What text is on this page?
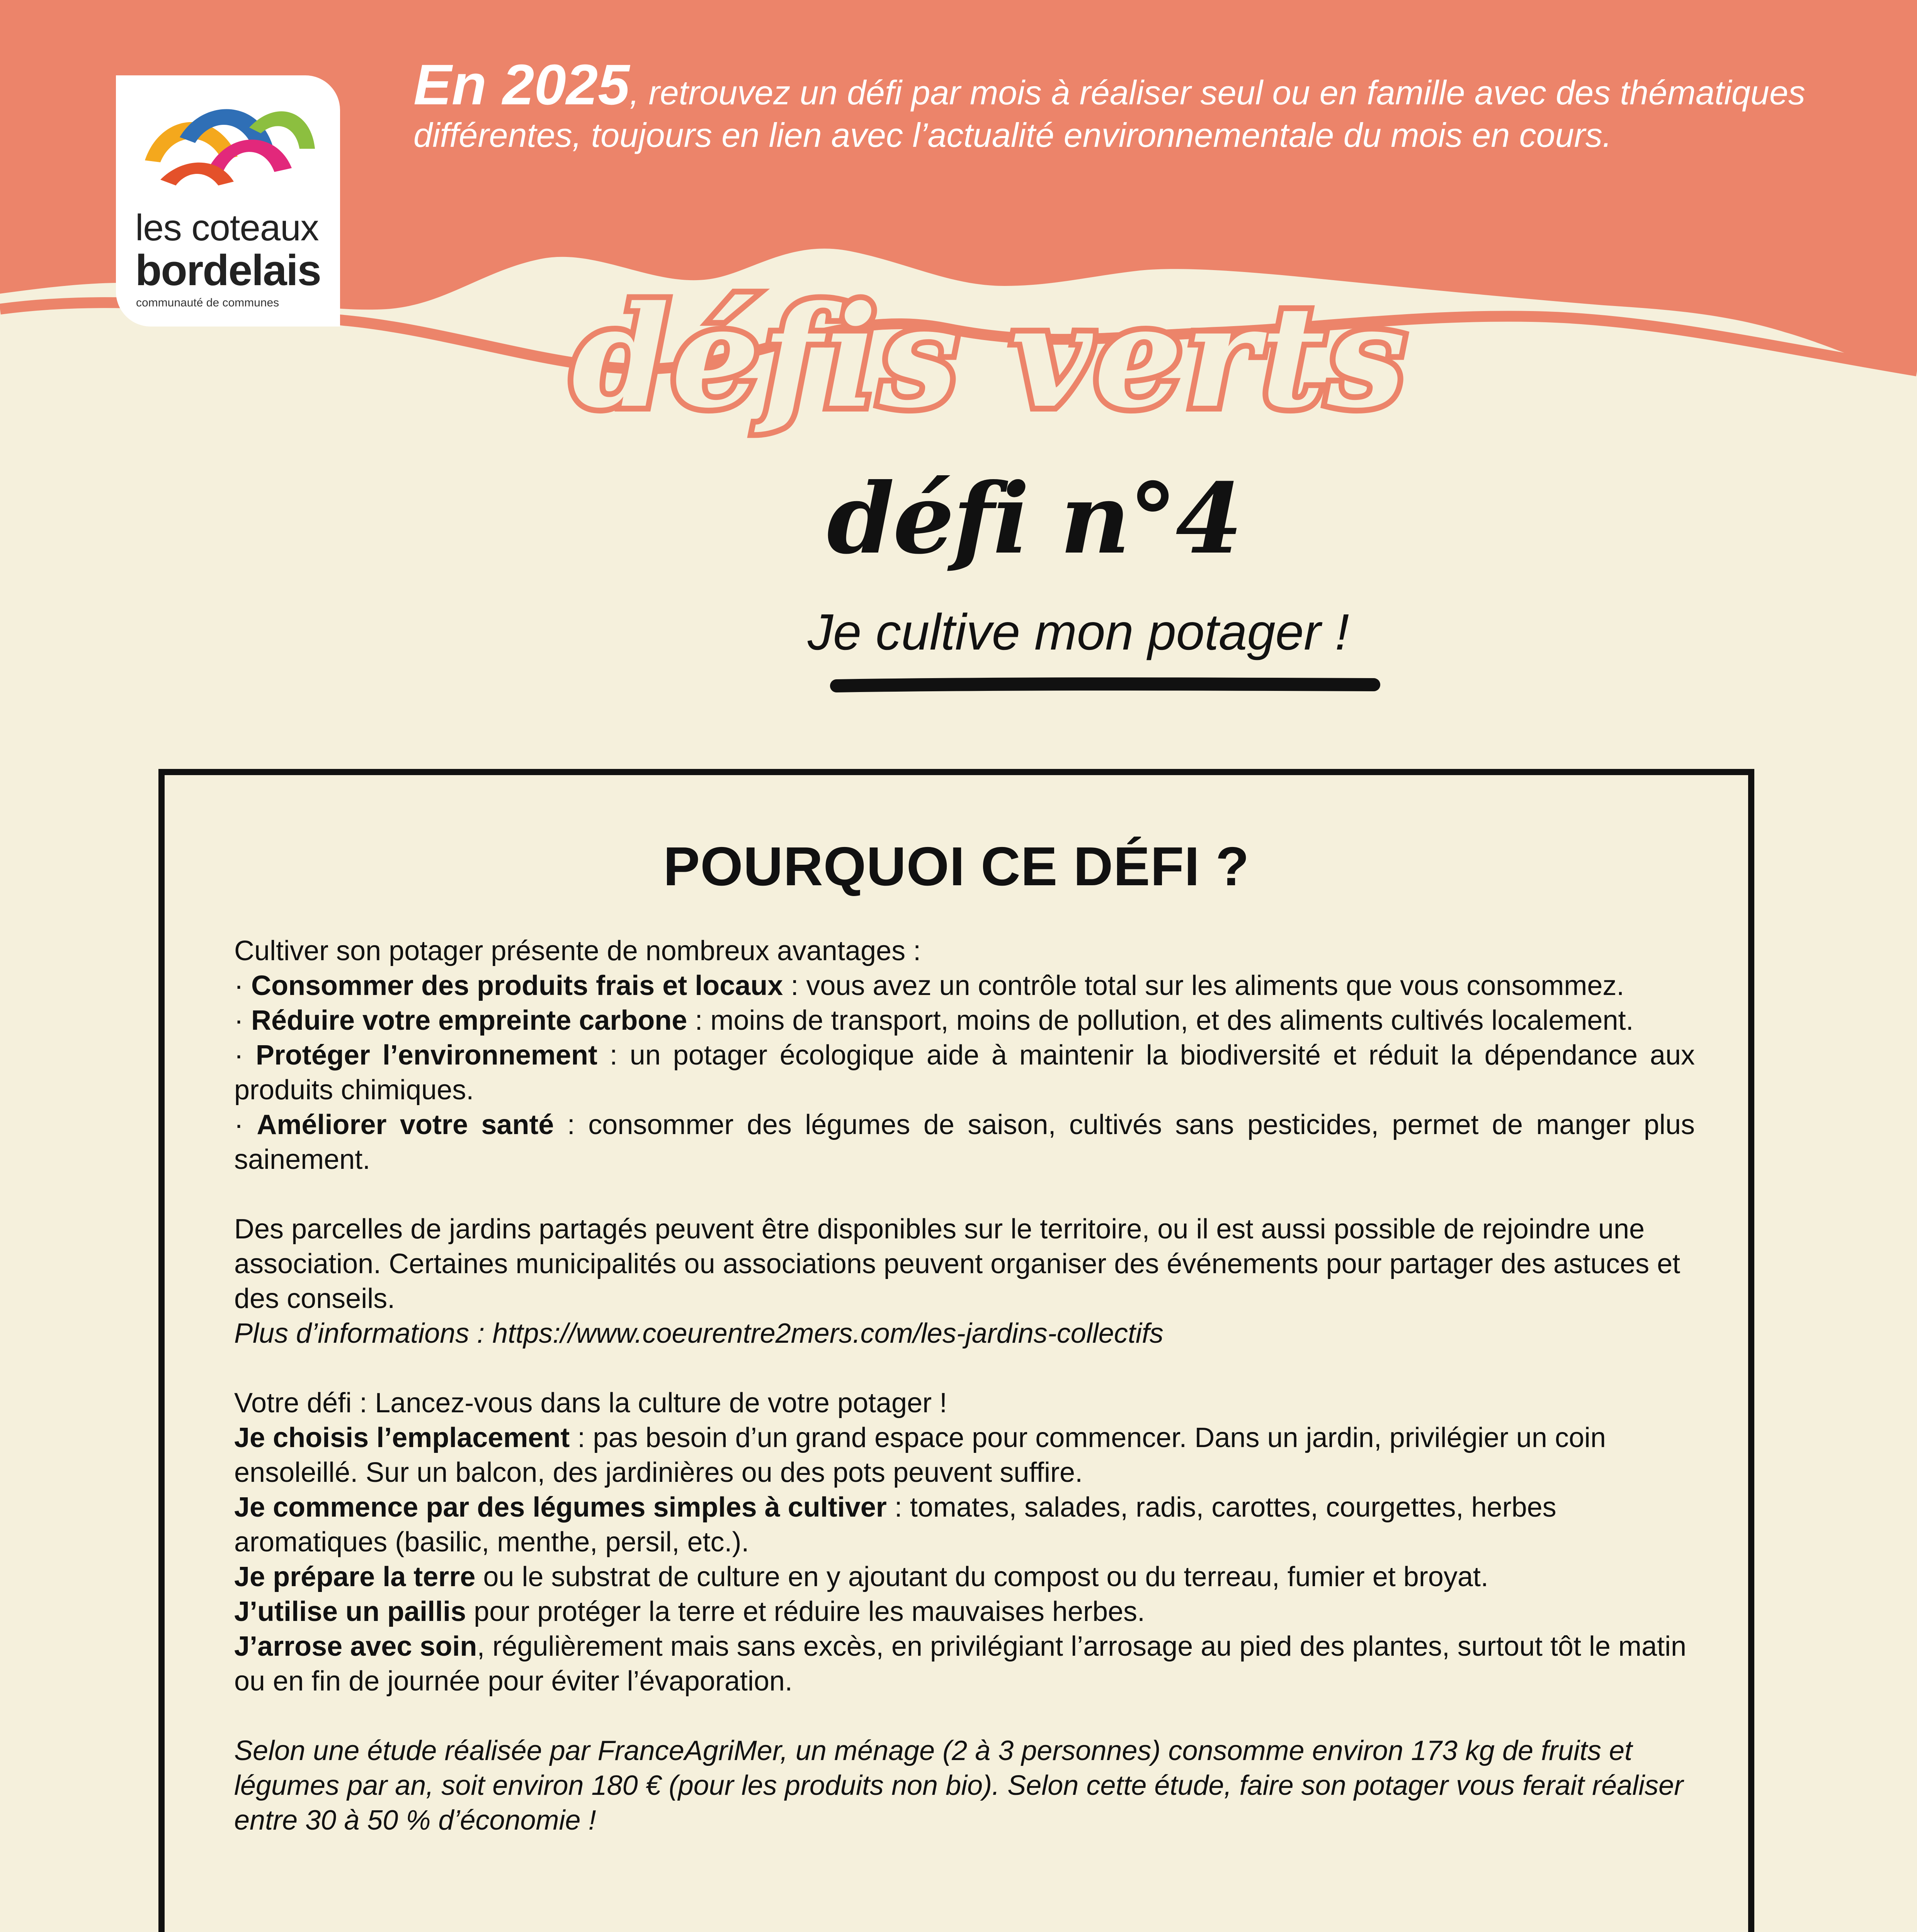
défis verts
les coteaux
bordelais
communauté de communes
En 2025, retrouvez un défi par mois à réaliser seul ou en famille avec des thématiques différentes, toujours en lien avec l’actualité environnementale du mois en cours.
défi n°4
Je cultive mon potager !
POURQUOI CE DÉFI ?

Cultiver son potager présente de nombreux avantages :

· Consommer des produits frais et locaux : vous avez un contrôle total sur les aliments que vous consommez.

· Réduire votre empreinte carbone : moins de transport, moins de pollution, et des aliments cultivés localement.

· Protéger l’environnement : un potager écologique aide à maintenir la biodiversité et réduit la dépendance aux produits chimiques.

· Améliorer votre santé : consommer des légumes de saison, cultivés sans pesticides, permet de manger plus sainement.

Des parcelles de jardins partagés peuvent être disponibles sur le territoire, ou il est aussi possible de rejoindre une association. Certaines municipalités ou associations peuvent organiser des événements pour partager des astuces et des conseils.

Plus d’informations : https://www.coeurentre2mers.com/les-jardins-collectifs

Votre défi : Lancez-vous dans la culture de votre potager !

Je choisis l’emplacement : pas besoin d’un grand espace pour commencer. Dans un jardin, privilégier un coin ensoleillé. Sur un balcon, des jardinières ou des pots peuvent suffire.

Je commence par des légumes simples à cultiver : tomates, salades, radis, carottes, courgettes, herbes aromatiques (basilic, menthe, persil, etc.).

Je prépare la terre ou le substrat de culture en y ajoutant du compost ou du terreau, fumier et broyat.

J’utilise un paillis pour protéger la terre et réduire les mauvaises herbes.

J’arrose avec soin, régulièrement mais sans excès, en privilégiant l’arrosage au pied des plantes, surtout tôt le matin ou en fin de journée pour éviter l’évaporation.

Selon une étude réalisée par FranceAgriMer, un ménage (2 à 3 personnes) consomme environ 173 kg de fruits et légumes par an, soit environ 180 € (pour les produits non bio). Selon cette étude, faire son potager vous ferait réaliser entre 30 à 50 % d’économie !
